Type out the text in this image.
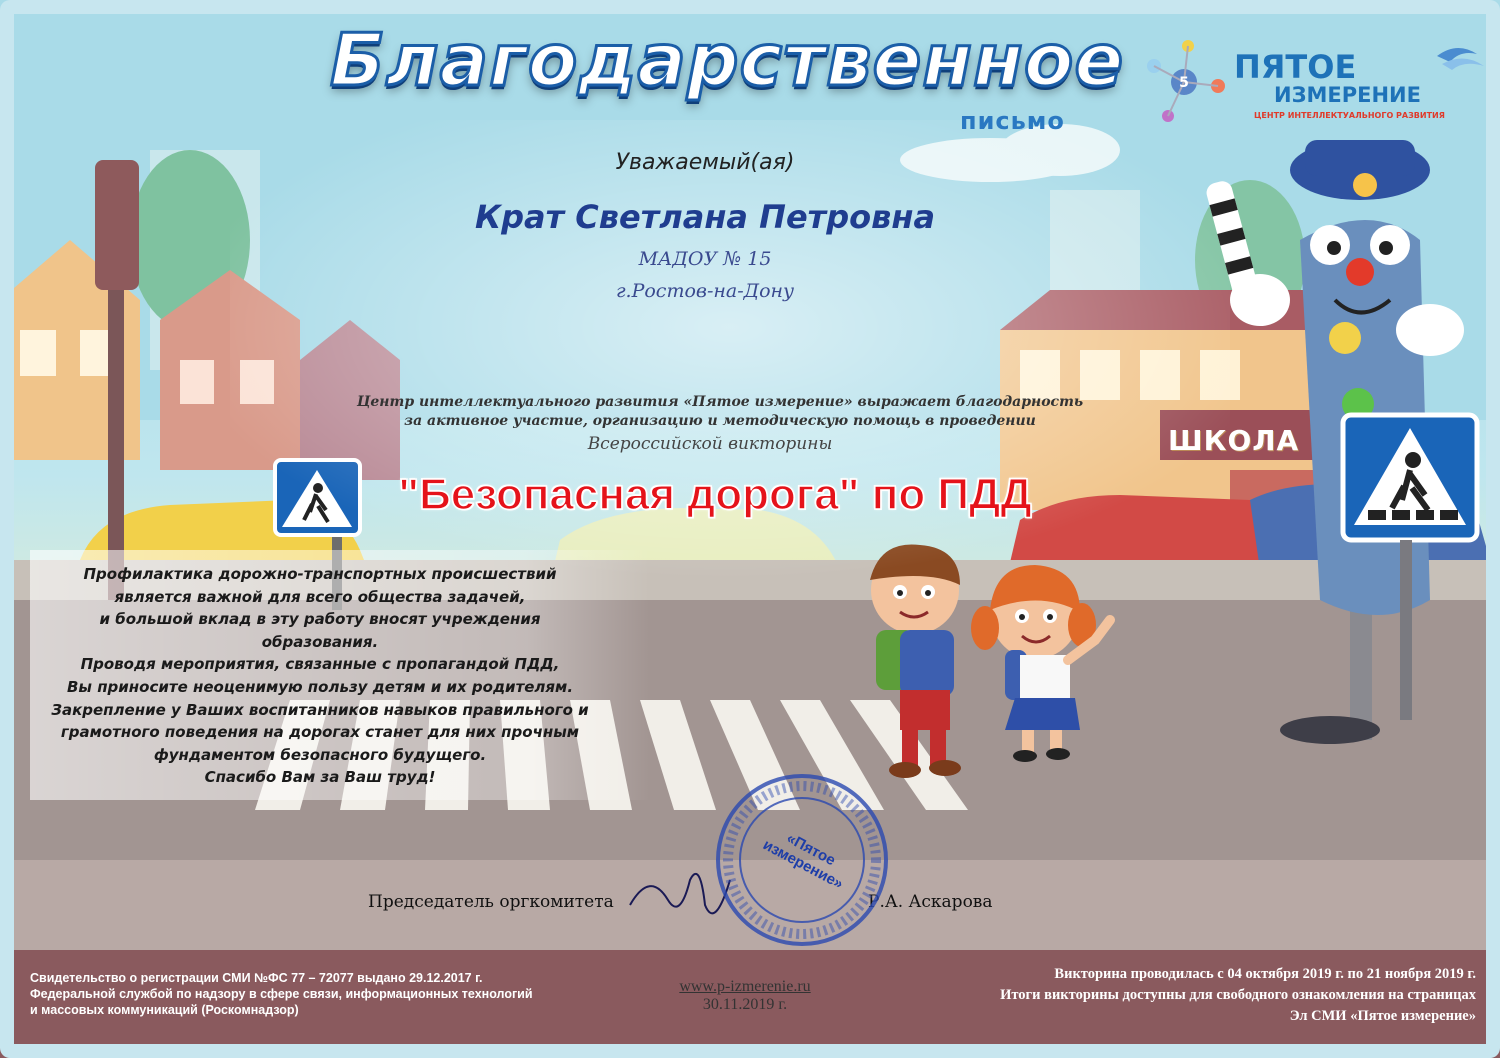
Благодарственное
письмо
5 ПЯТОЕ
ИЗМЕРЕНИЕ
ЦЕНТР ИНТЕЛЛЕКТУАЛЬНОГО РАЗВИТИЯ
Уважаемый(ая)
Крат Светлана Петровна
МАДОУ № 15
г.Ростов-на-Дону
Центр интеллектуального развития «Пятое измерение» выражает благодарность
за активное участие, организацию и методическую помощь в проведении
Всероссийской викторины
"Безопасная дорога" по ПДД
ШКОЛА
Профилактика дорожно-транспортных происшествий
является важной для всего общества задачей,
и большой вклад в эту работу вносят учреждения образования.
Проводя мероприятия, связанные с пропагандой ПДД,
Вы приносите неоценимую пользу детям и их родителям.
Закрепление у Ваших воспитанников навыков правильного и
грамотного поведения на дорогах станет для них прочным
фундаментом безопасного будущего.
Спасибо Вам за Ваш труд!
Председатель оргкомитета	Р.А. Аскарова
«Пятое измерение»
Свидетельство о регистрации СМИ №ФС 77 – 72077 выдано 29.12.2017 г.
Федеральной службой по надзору в сфере связи, информационных технологий
и массовых коммуникаций (Роскомнадзор)
www.p-izmerenie.ru
30.11.2019 г.
Викторина проводилась с 04 октября 2019 г. по 21 ноября 2019 г.
Итоги викторины доступны для свободного ознакомления на страницах
Эл СМИ «Пятое измерение»
